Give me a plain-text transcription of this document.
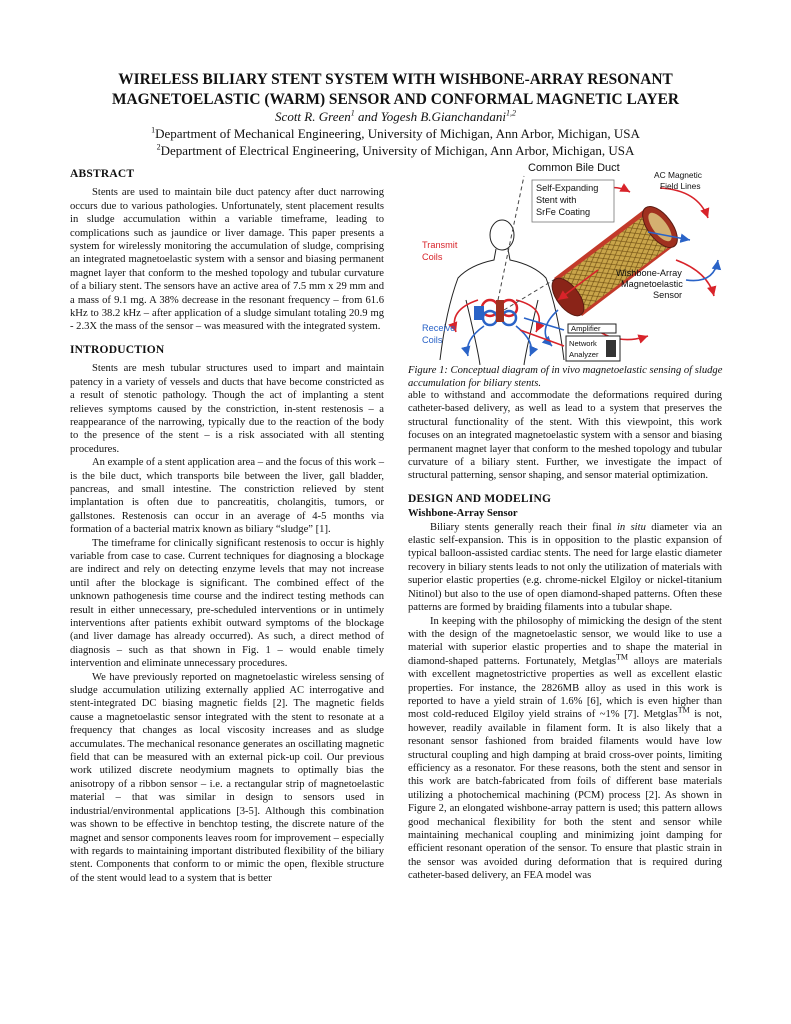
WIRELESS BILIARY STENT SYSTEM WITH WISHBONE-ARRAY RESONANT
MAGNETOELASTIC (WARM) SENSOR AND CONFORMAL MAGNETIC LAYER
Scott R. Green$^1$ and Yogesh B.Gianchandani$^{1,2}$
$^1$Department of Mechanical Engineering, University of Michigan, Ann Arbor, Michigan, USA
$^2$Department of Electrical Engineering, University of Michigan, Ann Arbor, Michigan, USA
ABSTRACT

Stents are used to maintain bile duct patency after duct narrowing occurs due to various pathologies. Unfortunately, stent placement results in sludge accumulation within a variable timeframe, leading to complications such as jaundice or liver damage. This paper presents a system for wirelessly monitoring the accumulation of sludge, comprising an integrated magnetoelastic system with a sensor and biasing permanent magnet layer that conform to the meshed topology and tubular curvature of a biliary stent. The sensors have an active area of 7.5 mm x 29 mm and a mass of 9.1 mg. A 38% decrease in the resonant frequency – from 61.6 kHz to 38.2 kHz – after application of a sludge simulant totaling 20.9 mg - 2.3X the mass of the sensor – was measured with the integrated system.

INTRODUCTION

Stents are mesh tubular structures used to impart and maintain patency in a variety of vessels and ducts that have become constricted as a result of stenotic pathology. Though the act of implanting a stent relieves symptoms caused by the constriction, in-stent restenosis – a reappearance of the narrowing, typically due to the reaction of the body to the presence of the stent – is a risk associated with all stenting procedures.

An example of a stent application area – and the focus of this work – is the bile duct, which transports bile between the liver, gall bladder, pancreas, and small intestine. The constriction relieved by stent implantation is often due to pancreatitis, cholangitis, tumors, or gallstones. Restenosis can occur in an average of 4-5 months via formation of a bacterial matrix known as biliary “sludge” [1].

The timeframe for clinically significant restenosis to occur is highly variable from case to case. Current techniques for diagnosing a blockage are indirect and rely on detecting enzyme levels that may not increase until after the blockage is significant. The combined effect of the unknown pathogenesis time course and the indirect testing methods can result in either unnecessary, pre-scheduled interventions or in untimely interventions after patients exhibit outward symptoms of the blockage (and liver damage has already occurred). As such, a direct method of diagnosis – such as that shown in Fig. 1 – would enable timely intervention and eliminate unnecessary procedures.

We have previously reported on magnetoelastic wireless sensing of sludge accumulation utilizing externally applied AC interrogative and stent-integrated DC biasing magnetic fields [2]. The magnetic fields cause a magnetoelastic sensor integrated with the stent to resonate at a frequency that changes as local viscosity increases and as sludge accumulates. The mechanical resonance generates an oscillating magnetic field that can be measured with an external pick-up coil. Our previous work utilized discrete neodymium magnets to optimally bias the anisotropy of a ribbon sensor – i.e. a rectangular strip of magnetoelastic material – that was similar in design to sensors used in industrial/environmental applications [3-5]. Although this combination was shown to be effective in benchtop testing, the discrete nature of the magnet and sensor components leaves room for improvement – especially with regards to maintaining important distributed flexibility of the biliary stent. Components that conform to or mimic the open, flexible structure of the stent would lead to a system that is better

Common Bile Duct
AC Magnetic
Field Lines
Self-Expanding
Stent with
SrFe Coating
Transmit
Coils
Receive
Coils
Wishbone-Array
Magnetoelastic
Sensor
Amplifier
Network
Analyzer
Figure 1: Conceptual diagram of in vivo magnetoelastic sensing of sludge accumulation for biliary stents.

able to withstand and accommodate the deformations required during catheter-based delivery, as well as lead to a system that preserves the structural functionality of the stent. With this viewpoint, this work focuses on an integrated magnetoelastic system with a sensor and biasing permanent magnet layer that conform to the meshed topology and tubular curvature of a biliary stent. Further, we investigate the impact of structural patterning, sensor shaping, and sensor material optimization.

DESIGN AND MODELING
Wishbone-Array Sensor

Biliary stents generally reach their final in situ diameter via an elastic self-expansion. This is in opposition to the plastic expansion of typical balloon-assisted cardiac stents. The need for large elastic diameter recovery in biliary stents leads to not only the utilization of materials with superior elastic properties (e.g. chrome-nickel Elgiloy or nickel-titanium Nitinol) but also to the use of open diamond-shaped patterns. Often these patterns are formed by braiding filaments into a tubular shape.

In keeping with the philosophy of mimicking the design of the stent with the design of the magnetoelastic sensor, we would like to use a material with superior elastic properties and to shape the material in diamond-shaped patterns. Fortunately, Metglas™ alloys are materials with excellent magnetostrictive properties as well as excellent elastic properties. For instance, the 2826MB alloy as used in this work is reported to have a yield strain of 1.6% [6], which is even higher than most cold-reduced Elgiloy yield strains of ~1% [7]. Metglas™ is not, however, readily available in filament form. It is also likely that a resonant sensor fashioned from braided filaments would have low structural coupling and high damping at braid cross-over points, limiting efficiency as a resonator. For these reasons, both the stent and sensor in this work are batch-fabricated from foils of different base materials utilizing a photochemical machining (PCM) process [2]. As shown in Figure 2, an elongated wishbone-array pattern is used; this pattern allows good mechanical flexibility for both the stent and sensor while maintaining mechanical coupling and minimizing joint damping for efficient resonant operation of the sensor. To ensure that plastic strain in the sensor was avoided during deformation that is required during catheter-based delivery, an FEA model was
